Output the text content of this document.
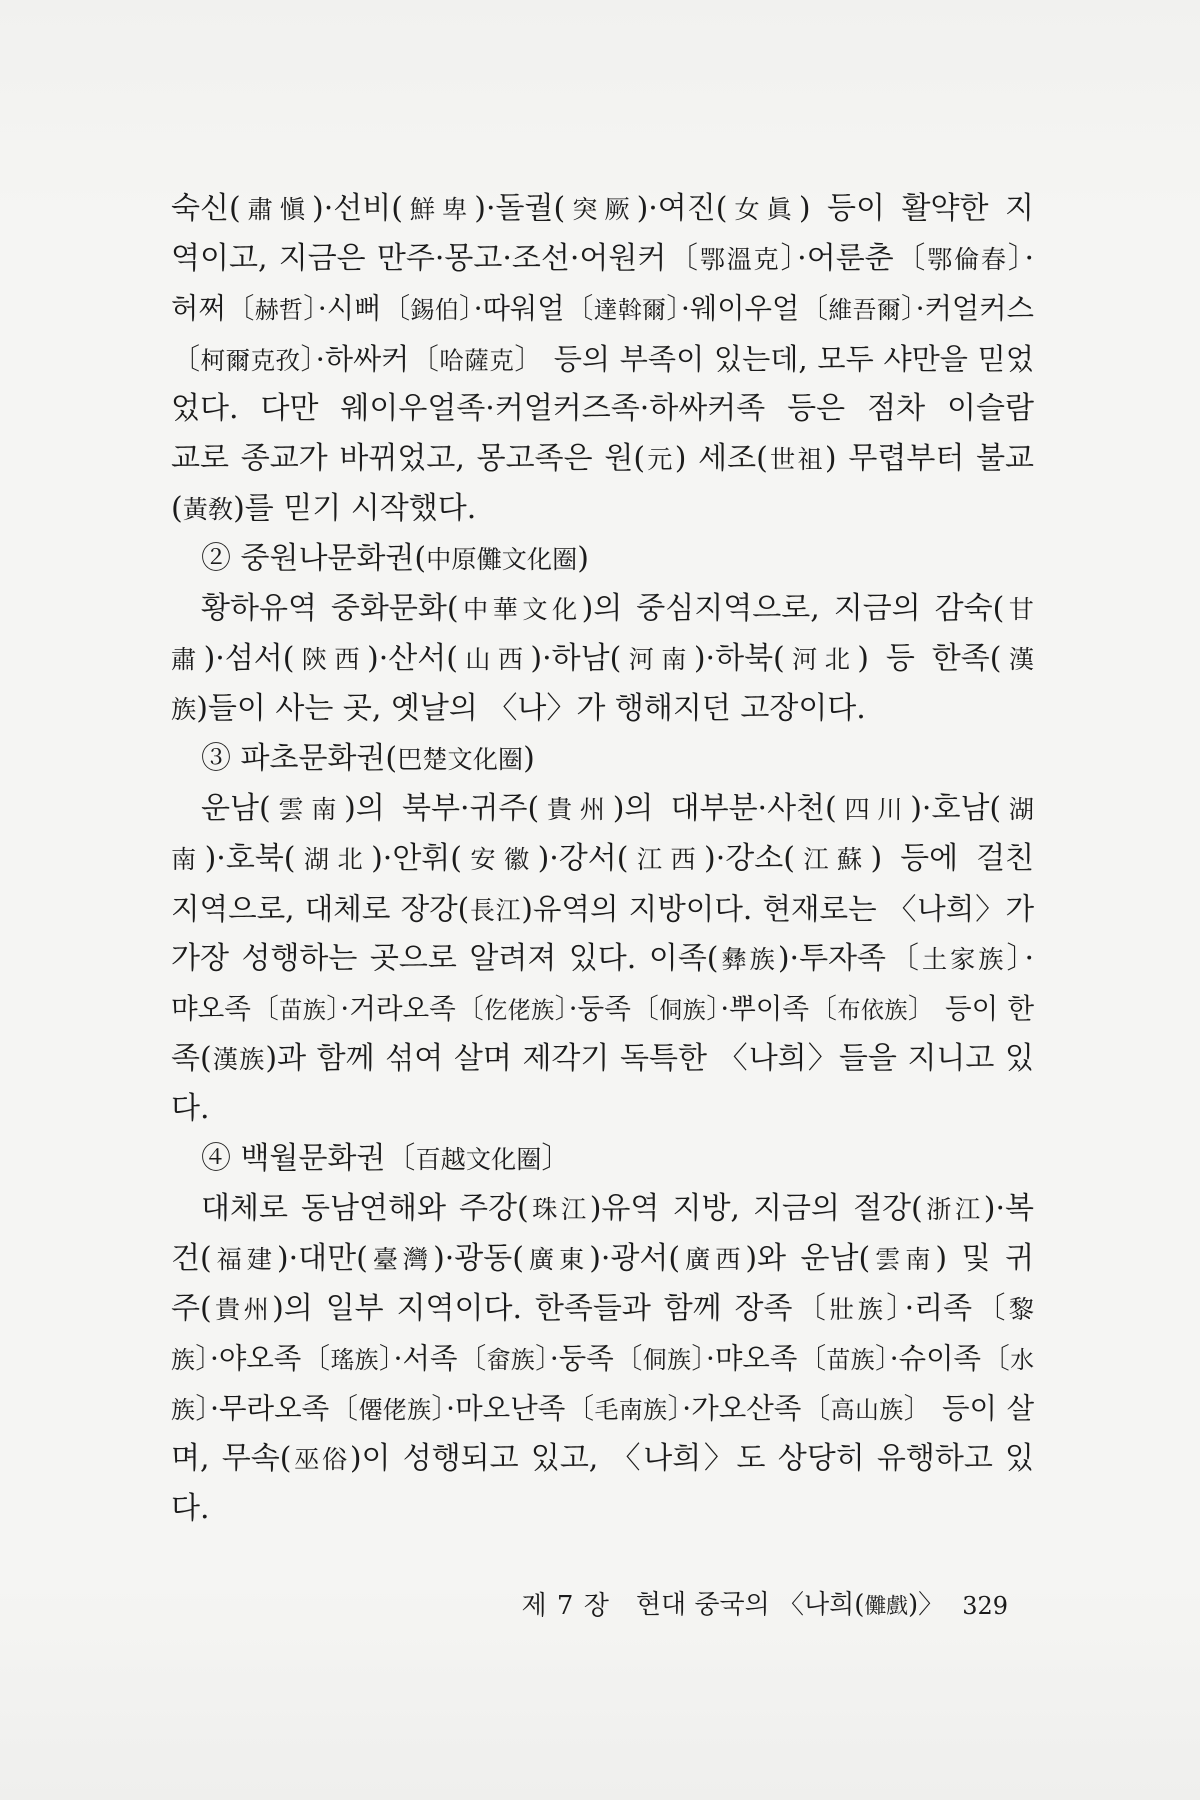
숙신(肅愼)·선비(鮮卑)·돌궐(突厥)·여진(女眞) 등이 활약한 지
역이고, 지금은 만주·몽고·조선·어원커〔鄂溫克〕·어룬춘〔鄂倫春〕·
허쩌〔赫哲〕·시뻐〔錫伯〕·따워얼〔達斡爾〕·웨이우얼〔維吾爾〕·커얼커스
〔柯爾克孜〕·하싸커〔哈薩克〕 등의 부족이 있는데, 모두 샤만을 믿었
었다. 다만 웨이우얼족·커얼커즈족·하싸커족 등은 점차 이슬람
교로 종교가 바뀌었고, 몽고족은 원(元) 세조(世祖) 무렵부터 불교
(黃敎)를 믿기 시작했다.
② 중원나문화권(中原儺文化圈)
황하유역 중화문화(中華文化)의 중심지역으로, 지금의 감숙(甘
肅)·섬서(陝西)·산서(山西)·하남(河南)·하북(河北) 등 한족(漢
族)들이 사는 곳, 옛날의 〈나〉가 행해지던 고장이다.
③ 파초문화권(巴楚文化圈)
운남(雲南)의 북부·귀주(貴州)의 대부분·사천(四川)·호남(湖
南)·호북(湖北)·안휘(安徽)·강서(江西)·강소(江蘇) 등에 걸친
지역으로, 대체로 장강(長江)유역의 지방이다. 현재로는 〈나희〉가
가장 성행하는 곳으로 알려져 있다. 이족(彝族)·투자족〔土家族〕·
먀오족〔苗族〕·거라오족〔仡佬族〕·둥족〔侗族〕·뿌이족〔布依族〕 등이 한
족(漢族)과 함께 섞여 살며 제각기 독특한 〈나희〉들을 지니고 있
다.
④ 백월문화권〔百越文化圈〕
대체로 동남연해와 주강(珠江)유역 지방, 지금의 절강(浙江)·복
건(福建)·대만(臺灣)·광동(廣東)·광서(廣西)와 운남(雲南) 및 귀
주(貴州)의 일부 지역이다. 한족들과 함께 장족〔壯族〕·리족〔黎
族〕·야오족〔瑤族〕·서족〔畲族〕·둥족〔侗族〕·먀오족〔苗族〕·슈이족〔水
族〕·무라오족〔僊佬族〕·마오난족〔毛南族〕·가오산족〔高山族〕 등이 살
며, 무속(巫俗)이 성행되고 있고, 〈나희〉도 상당히 유행하고 있
다.
제 7 장 현대 중국의 〈나희(儺戲)〉 329
